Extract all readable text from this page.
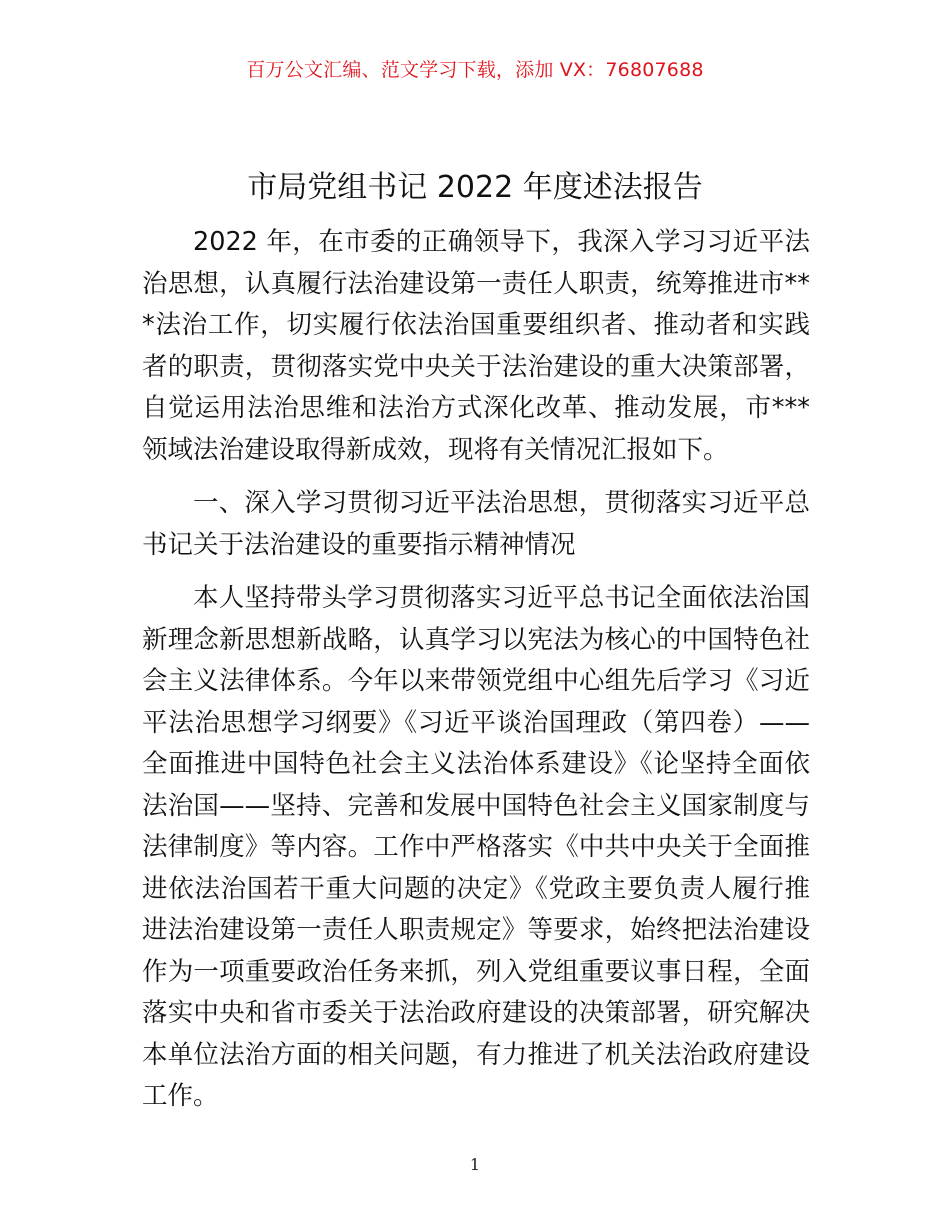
百万公文汇编、范文学习下载，添加 VX：76807688
市局党组书记 2022 年度述法报告

2022 年，在市委的正确领导下，我深入学习习近平法治思想，认真履行法治建设第一责任人职责，统筹推进市***法治工作，切实履行依法治国重要组织者、推动者和实践者的职责，贯彻落实党中央关于法治建设的重大决策部署，自觉运用法治思维和法治方式深化改革、推动发展，市***领域法治建设取得新成效，现将有关情况汇报如下。

一、深入学习贯彻习近平法治思想，贯彻落实习近平总书记关于法治建设的重要指示精神情况

本人坚持带头学习贯彻落实习近平总书记全面依法治国新理念新思想新战略，认真学习以宪法为核心的中国特色社会主义法律体系。今年以来带领党组中心组先后学习《习近平法治思想学习纲要》《习近平谈治国理政（第四卷）——全面推进中国特色社会主义法治体系建设》《论坚持全面依法治国——坚持、完善和发展中国特色社会主义国家制度与法律制度》等内容。工作中严格落实《中共中央关于全面推进依法治国若干重大问题的决定》《党政主要负责人履行推进法治建设第一责任人职责规定》等要求，始终把法治建设作为一项重要政治任务来抓，列入党组重要议事日程，全面落实中央和省市委关于法治政府建设的决策部署，研究解决本单位法治方面的相关问题，有力推进了机关法治政府建设工作。

1
